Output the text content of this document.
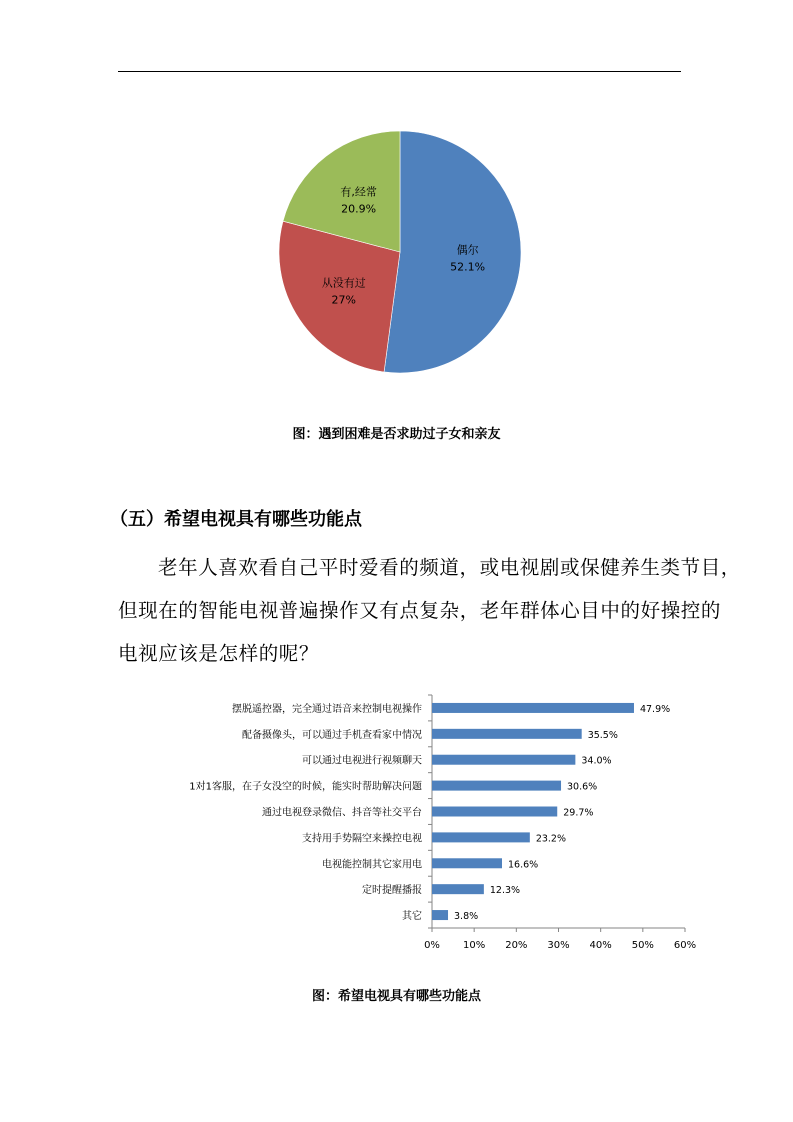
偶尔
52.1%
从没有过
27%
有,经常
20.9%
图：遇到困难是否求助过子女和亲友
（五）希望电视具有哪些功能点
老年人喜欢看自己平时爱看的频道，或电视剧或保健养生类节目，
但现在的智能电视普遍操作又有点复杂，老年群体心目中的好操控的
电视应该是怎样的呢？
摆脱遥控器，完全通过语音来控制电视操作	47.9%
配备摄像头，可以通过手机查看家中情况	35.5%
可以通过电视进行视频聊天	34.0%
1对1客服，在子女没空的时候，能实时帮助解决问题	30.6%
通过电视登录微信、抖音等社交平台	29.7%
支持用手势隔空来操控电视	23.2%
电视能控制其它家用电	16.6%
定时提醒播报	12.3%
其它	3.8%
0% 10% 20% 30% 40% 50% 60%
图：希望电视具有哪些功能点
